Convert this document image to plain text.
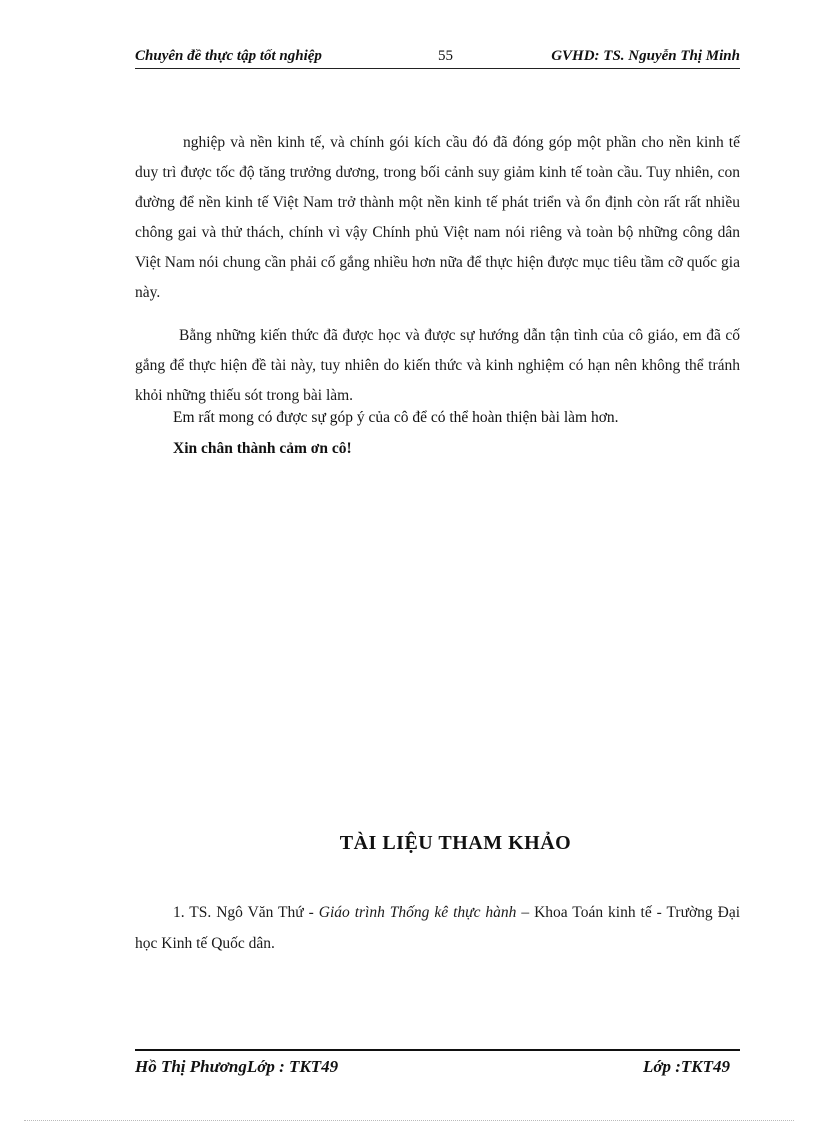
Chuyên đề thực tập tốt nghiệp	55	GVHD: TS. Nguyễn Thị Minh
nghiệp và nền kinh tế, và chính gói kích cầu đó đã đóng góp một phần cho nền kinh tế duy trì được tốc độ tăng trưởng dương, trong bối cảnh suy giảm kinh tế toàn cầu. Tuy nhiên, con đường để nền kinh tế Việt Nam trở thành một nền kinh tế phát triển và ổn định còn rất rất nhiều chông gai và thử thách, chính vì vậy Chính phủ Việt nam nói riêng và toàn bộ những công dân Việt Nam nói chung cần phải cố gắng nhiều hơn nữa để thực hiện được mục tiêu tầm cỡ quốc gia này.
Bằng những kiến thức đã được học và được sự hướng dẫn tận tình của cô giáo, em đã cố gắng để thực hiện đề tài này, tuy nhiên do kiến thức và kinh nghiệm có hạn nên không thể tránh khỏi những thiếu sót trong bài làm.
Em rất mong có được sự góp ý của cô để có thể hoàn thiện bài làm hơn.
Xin chân thành cảm ơn cô!
TÀI LIỆU THAM KHẢO
1. TS. Ngô Văn Thứ - Giáo trình Thống kê thực hành – Khoa Toán kinh tế - Trường Đại học Kinh tế Quốc dân.
Hồ Thị PhươngLớp : TKT49	Lớp :TKT49
